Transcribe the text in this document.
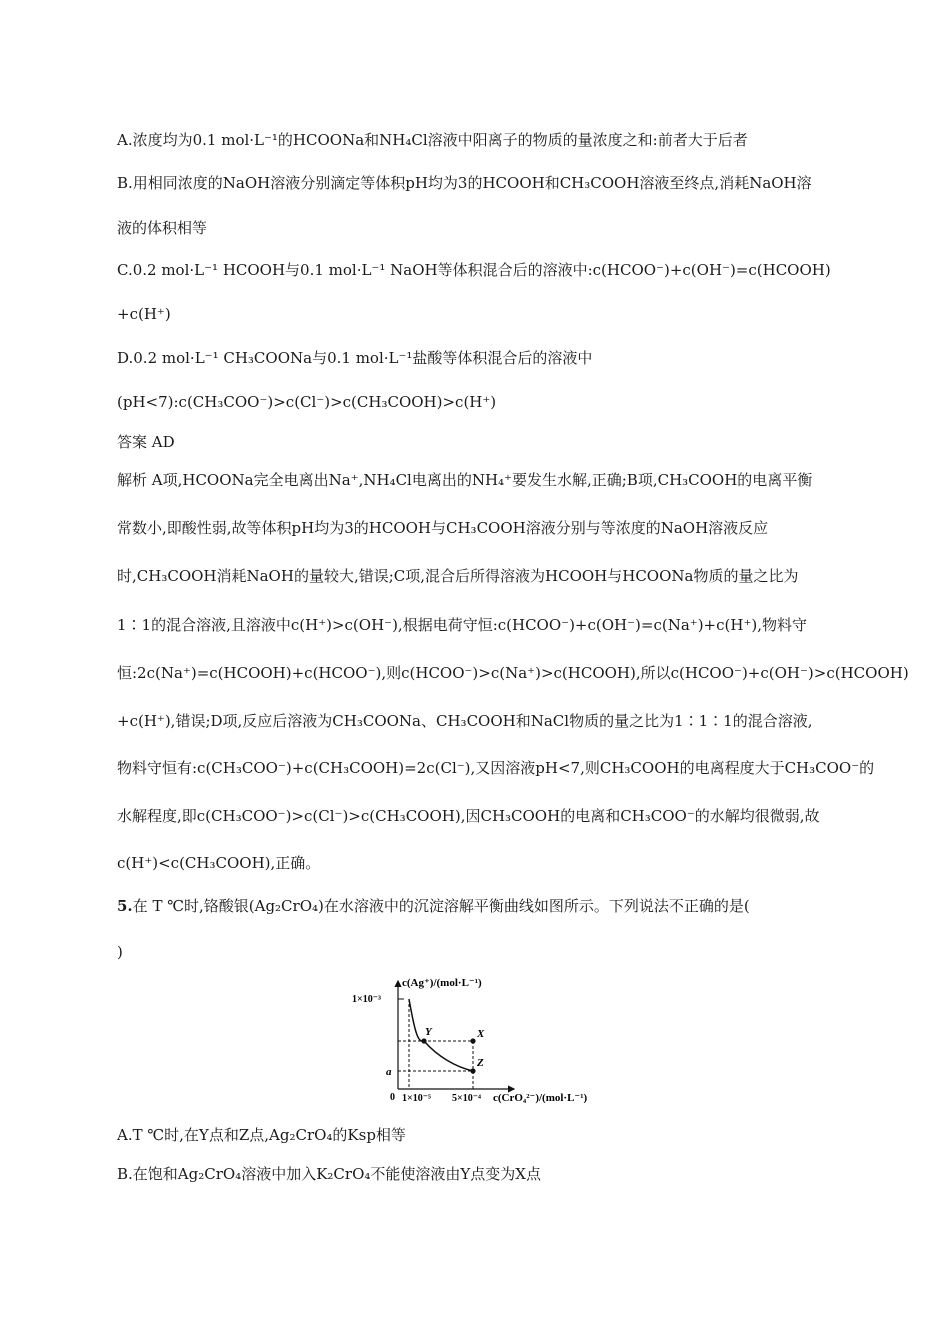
A.浓度均为0.1 mol·L⁻¹的HCOONa和NH₄Cl溶液中阳离子的物质的量浓度之和:前者大于后者
B.用相同浓度的NaOH溶液分别滴定等体积pH均为3的HCOOH和CH₃COOH溶液至终点,消耗NaOH溶
液的体积相等
C.0.2 mol·L⁻¹ HCOOH与0.1 mol·L⁻¹ NaOH等体积混合后的溶液中:c(HCOO⁻)+c(OH⁻)=c(HCOOH)
+c(H⁺)
D.0.2 mol·L⁻¹ CH₃COONa与0.1 mol·L⁻¹盐酸等体积混合后的溶液中
(pH<7):c(CH₃COO⁻)>c(Cl⁻)>c(CH₃COOH)>c(H⁺)
答案 AD
解析 A项,HCOONa完全电离出Na⁺,NH₄Cl电离出的NH₄⁺要发生水解,正确;B项,CH₃COOH的电离平衡
常数小,即酸性弱,故等体积pH均为3的HCOOH与CH₃COOH溶液分别与等浓度的NaOH溶液反应
时,CH₃COOH消耗NaOH的量较大,错误;C项,混合后所得溶液为HCOOH与HCOONa物质的量之比为
1∶1的混合溶液,且溶液中c(H⁺)>c(OH⁻),根据电荷守恒:c(HCOO⁻)+c(OH⁻)=c(Na⁺)+c(H⁺),物料守
恒:2c(Na⁺)=c(HCOOH)+c(HCOO⁻),则c(HCOO⁻)>c(Na⁺)>c(HCOOH),所以c(HCOO⁻)+c(OH⁻)>c(HCOOH)
+c(H⁺),错误;D项,反应后溶液为CH₃COONa、CH₃COOH和NaCl物质的量之比为1∶1∶1的混合溶液,
物料守恒有:c(CH₃COO⁻)+c(CH₃COOH)=2c(Cl⁻),又因溶液pH<7,则CH₃COOH的电离程度大于CH₃COO⁻的
水解程度,即c(CH₃COO⁻)>c(Cl⁻)>c(CH₃COOH),因CH₃COOH的电离和CH₃COO⁻的水解均很微弱,故
c(H⁺)<c(CH₃COOH),正确。
5.在 T ℃时,铬酸银(Ag₂CrO₄)在水溶液中的沉淀溶解平衡曲线如图所示。下列说法不正确的是(
)
c(Ag⁺)/(mol·L⁻¹)
c(CrO₄²⁻)/(mol·L⁻¹)
1×10⁻³
a
0 1×10⁻⁵ 5×10⁻⁴
Y	X
Z
A.T ℃时,在Y点和Z点,Ag₂CrO₄的Ksp相等
B.在饱和Ag₂CrO₄溶液中加入K₂CrO₄不能使溶液由Y点变为X点
